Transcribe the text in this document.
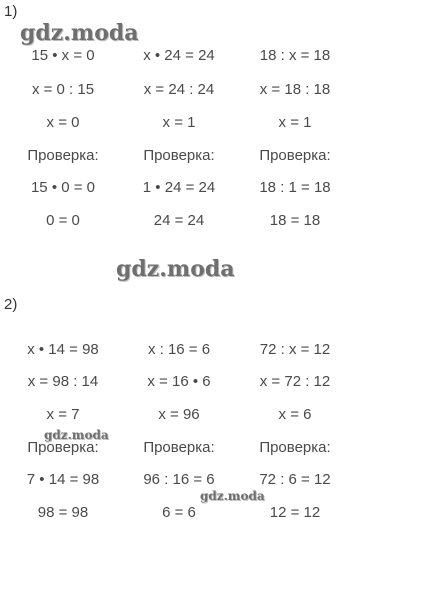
1)
15 • x = 0	x • 24 = 24	18 : x = 18
x = 0 : 15	x = 24 : 24	x = 18 : 18
x = 0	x = 1	x = 1
Проверка:	Проверка:	Проверка:
15 • 0 = 0	1 • 24 = 24	18 : 1 = 18
0 = 0	24 = 24	18 = 18
2)
x • 14 = 98	x : 16 = 6	72 : x = 12
x = 98 : 14	x = 16 • 6	x = 72 : 12
x = 7	x = 96	x = 6
Проверка:	Проверка:	Проверка:
7 • 14 = 98	96 : 16 = 6	72 : 6 = 12
98 = 98	6 = 6	12 = 12
gdz.moda
gdz.moda
gdz.moda
gdz.moda
